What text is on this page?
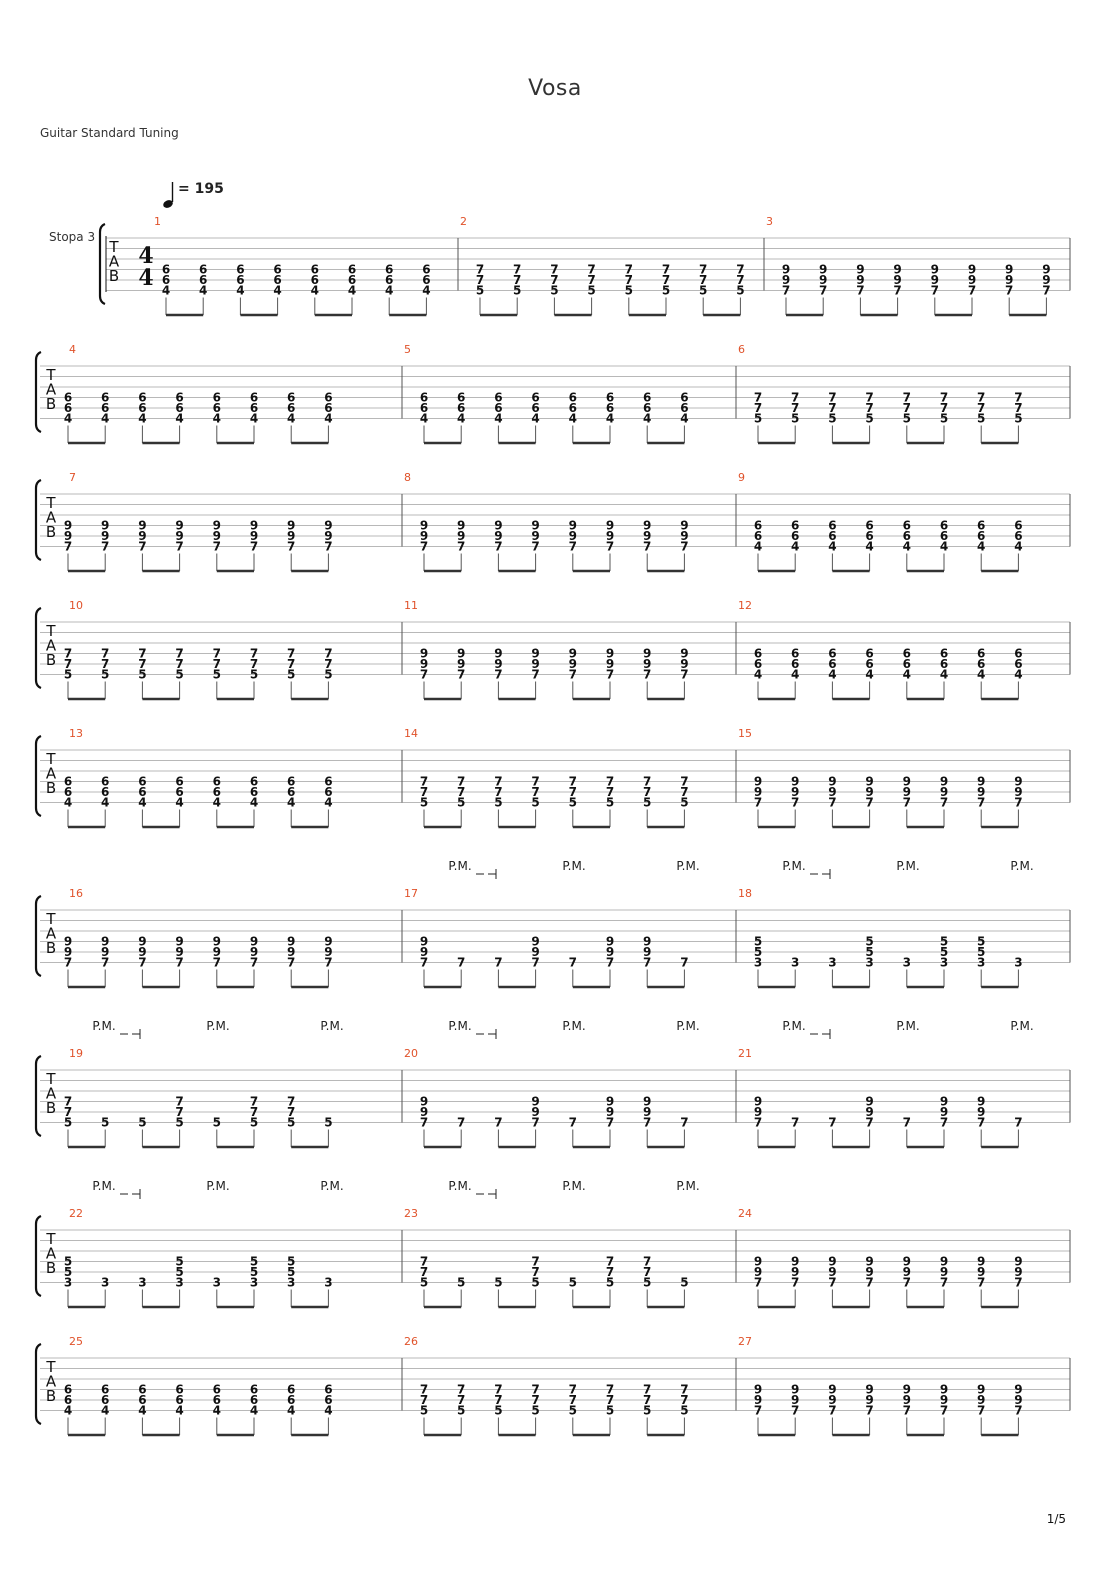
Vosa
Guitar Standard Tuning
= 195
Stopa 3
T
A
B
4
4
1
6
6
4
6
6
4
6
6
4
6
6
4
6
6
4
6
6
4
6
6
4
6
6
4
2
7
7
5
7
7
5
7
7
5
7
7
5
7
7
5
7
7
5
7
7
5
7
7
5
3
9
9
7
9
9
7
9
9
7
9
9
7
9
9
7
9
9
7
9
9
7
9
9
7
T
A
B
4
6
6
4
6
6
4
6
6
4
6
6
4
6
6
4
6
6
4
6
6
4
6
6
4
5
6
6
4
6
6
4
6
6
4
6
6
4
6
6
4
6
6
4
6
6
4
6
6
4
6
7
7
5
7
7
5
7
7
5
7
7
5
7
7
5
7
7
5
7
7
5
7
7
5
T
A
B
7
9
9
7
9
9
7
9
9
7
9
9
7
9
9
7
9
9
7
9
9
7
9
9
7
8
9
9
7
9
9
7
9
9
7
9
9
7
9
9
7
9
9
7
9
9
7
9
9
7
9
6
6
4
6
6
4
6
6
4
6
6
4
6
6
4
6
6
4
6
6
4
6
6
4
T
A
B
10
7
7
5
7
7
5
7
7
5
7
7
5
7
7
5
7
7
5
7
7
5
7
7
5
11
9
9
7
9
9
7
9
9
7
9
9
7
9
9
7
9
9
7
9
9
7
9
9
7
12
6
6
4
6
6
4
6
6
4
6
6
4
6
6
4
6
6
4
6
6
4
6
6
4
T
A
B
13
6
6
4
6
6
4
6
6
4
6
6
4
6
6
4
6
6
4
6
6
4
6
6
4
14
7
7
5
7
7
5
7
7
5
7
7
5
7
7
5
7
7
5
7
7
5
7
7
5
15
9
9
7
9
9
7
9
9
7
9
9
7
9
9
7
9
9
7
9
9
7
9
9
7
T
A
B
16
9
9
7
9
9
7
9
9
7
9
9
7
9
9
7
9
9
7
9
9
7
9
9
7
17
9
9
7 7 7
9
9
7 7
9
9
7
9
9
7 7
P.M.	P.M.	P.M.
18
5
5
3 3 3
5
5
3 3
5
5
3
5
5
3 3
P.M.	P.M.	P.M.
T
A
B
19
7
7
5 5 5
7
7
5 5
7
7
5
7
7
5 5
P.M.	P.M.	P.M.
20
9
9
7 7 7
9
9
7 7
9
9
7
9
9
7 7
P.M.	P.M.	P.M.
21
9
9
7 7 7
9
9
7 7
9
9
7
9
9
7 7
P.M.	P.M.	P.M.
T
A
B
22
5
5
3 3 3
5
5
3 3
5
5
3
5
5
3 3
P.M.	P.M.	P.M.
23
7
7
5 5 5
7
7
5 5
7
7
5
7
7
5 5
P.M.	P.M.	P.M.
24
9
9
7
9
9
7
9
9
7
9
9
7
9
9
7
9
9
7
9
9
7
9
9
7
T
A
B
25
6
6
4
6
6
4
6
6
4
6
6
4
6
6
4
6
6
4
6
6
4
6
6
4
26
7
7
5
7
7
5
7
7
5
7
7
5
7
7
5
7
7
5
7
7
5
7
7
5
27
9
9
7
9
9
7
9
9
7
9
9
7
9
9
7
9
9
7
9
9
7
9
9
7
1/5
